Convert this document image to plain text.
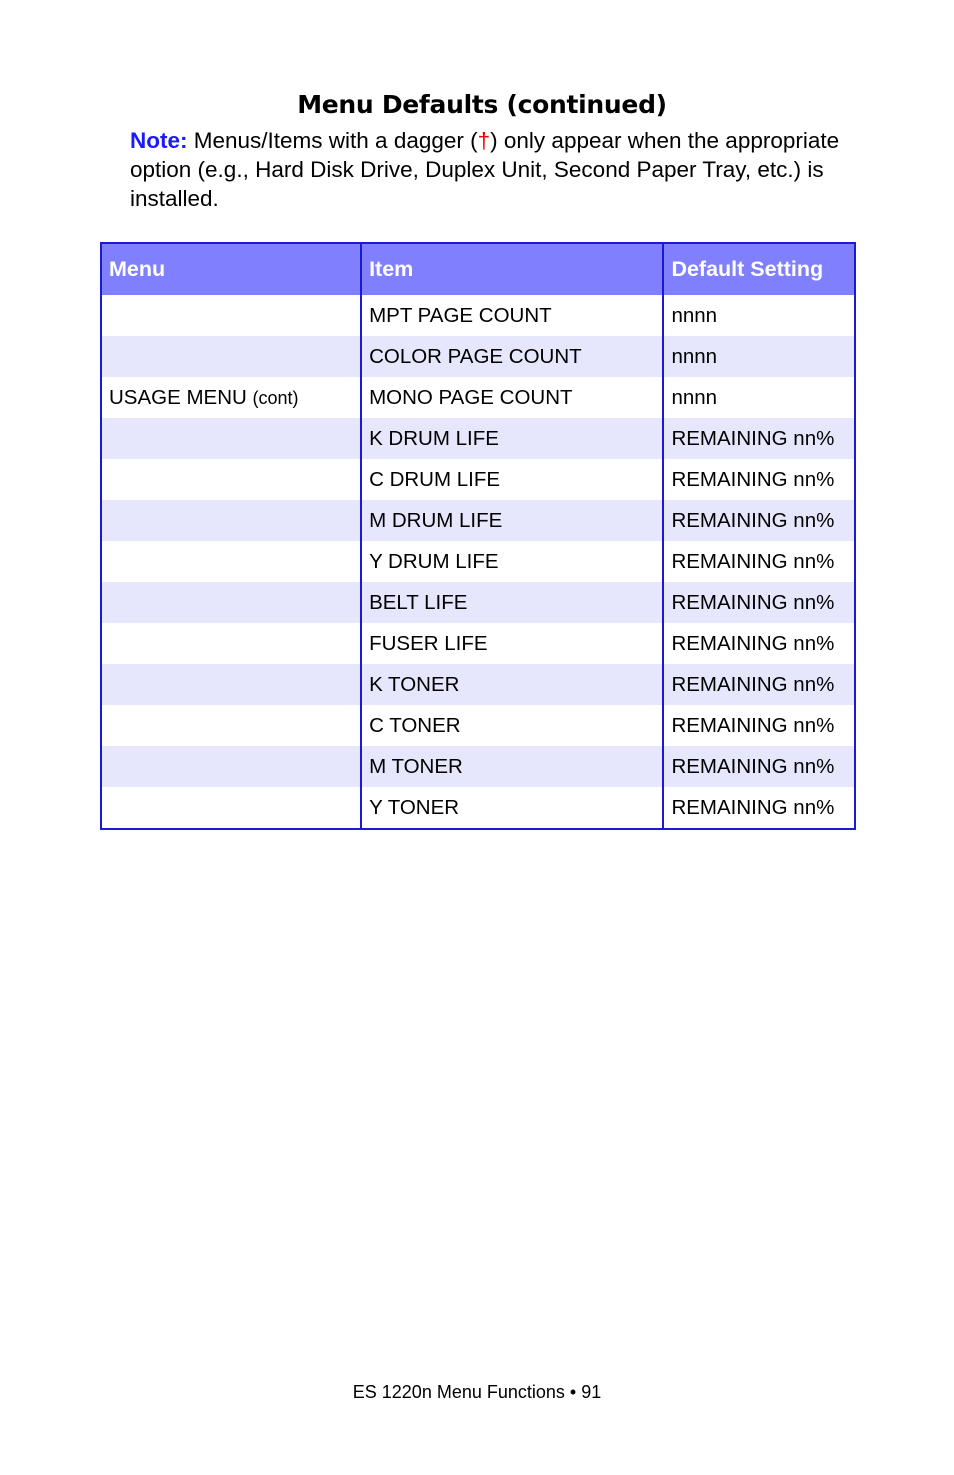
Menu Defaults (continued)
Note: Menus/Items with a dagger (†) only appear when the appropriate option (e.g., Hard Disk Drive, Duplex Unit, Second Paper Tray, etc.) is installed.
Menu	Item	Default Setting
	MPT PAGE COUNT	nnnn
	COLOR PAGE COUNT	nnnn
USAGE MENU (cont)	MONO PAGE COUNT	nnnn
	K DRUM LIFE	REMAINING nn%
	C DRUM LIFE	REMAINING nn%
	M DRUM LIFE	REMAINING nn%
	Y DRUM LIFE	REMAINING nn%
	BELT LIFE	REMAINING nn%
	FUSER LIFE	REMAINING nn%
	K TONER	REMAINING nn%
	C TONER	REMAINING nn%
	M TONER	REMAINING nn%
	Y TONER	REMAINING nn%
ES 1220n Menu Functions • 91
